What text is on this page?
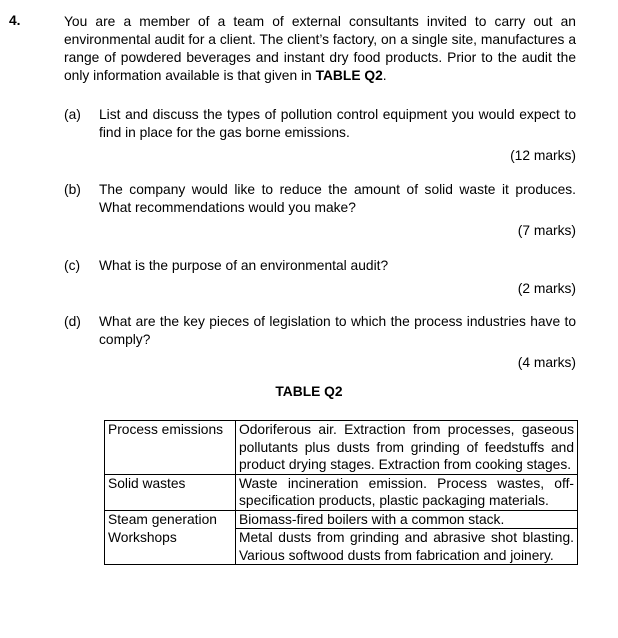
4.	You are a member of a team of external consultants invited to carry out an environmental audit for a client. The client’s factory, on a single site, manufactures a range of powdered beverages and instant dry food products. Prior to the audit the only information available is that given in TABLE Q2.
(a) List and discuss the types of pollution control equipment you would expect to find in place for the gas borne emissions.
(12 marks)
(b) The company would like to reduce the amount of solid waste it produces. What recommendations would you make?
(7 marks)
(c) What is the purpose of an environmental audit?
(2 marks)
(d) What are the key pieces of legislation to which the process industries have to comply?
(4 marks)
TABLE Q2
Process emissions	Odoriferous air. Extraction from processes, gaseous pollutants plus dusts from grinding of feedstuffs and product drying stages. Extraction from cooking stages.
Solid wastes	Waste incineration emission. Process wastes, off-specification products, plastic packaging materials.
Steam generation	Biomass-fired boilers with a common stack.
Workshops	Metal dusts from grinding and abrasive shot blasting. Various softwood dusts from fabrication and joinery.
